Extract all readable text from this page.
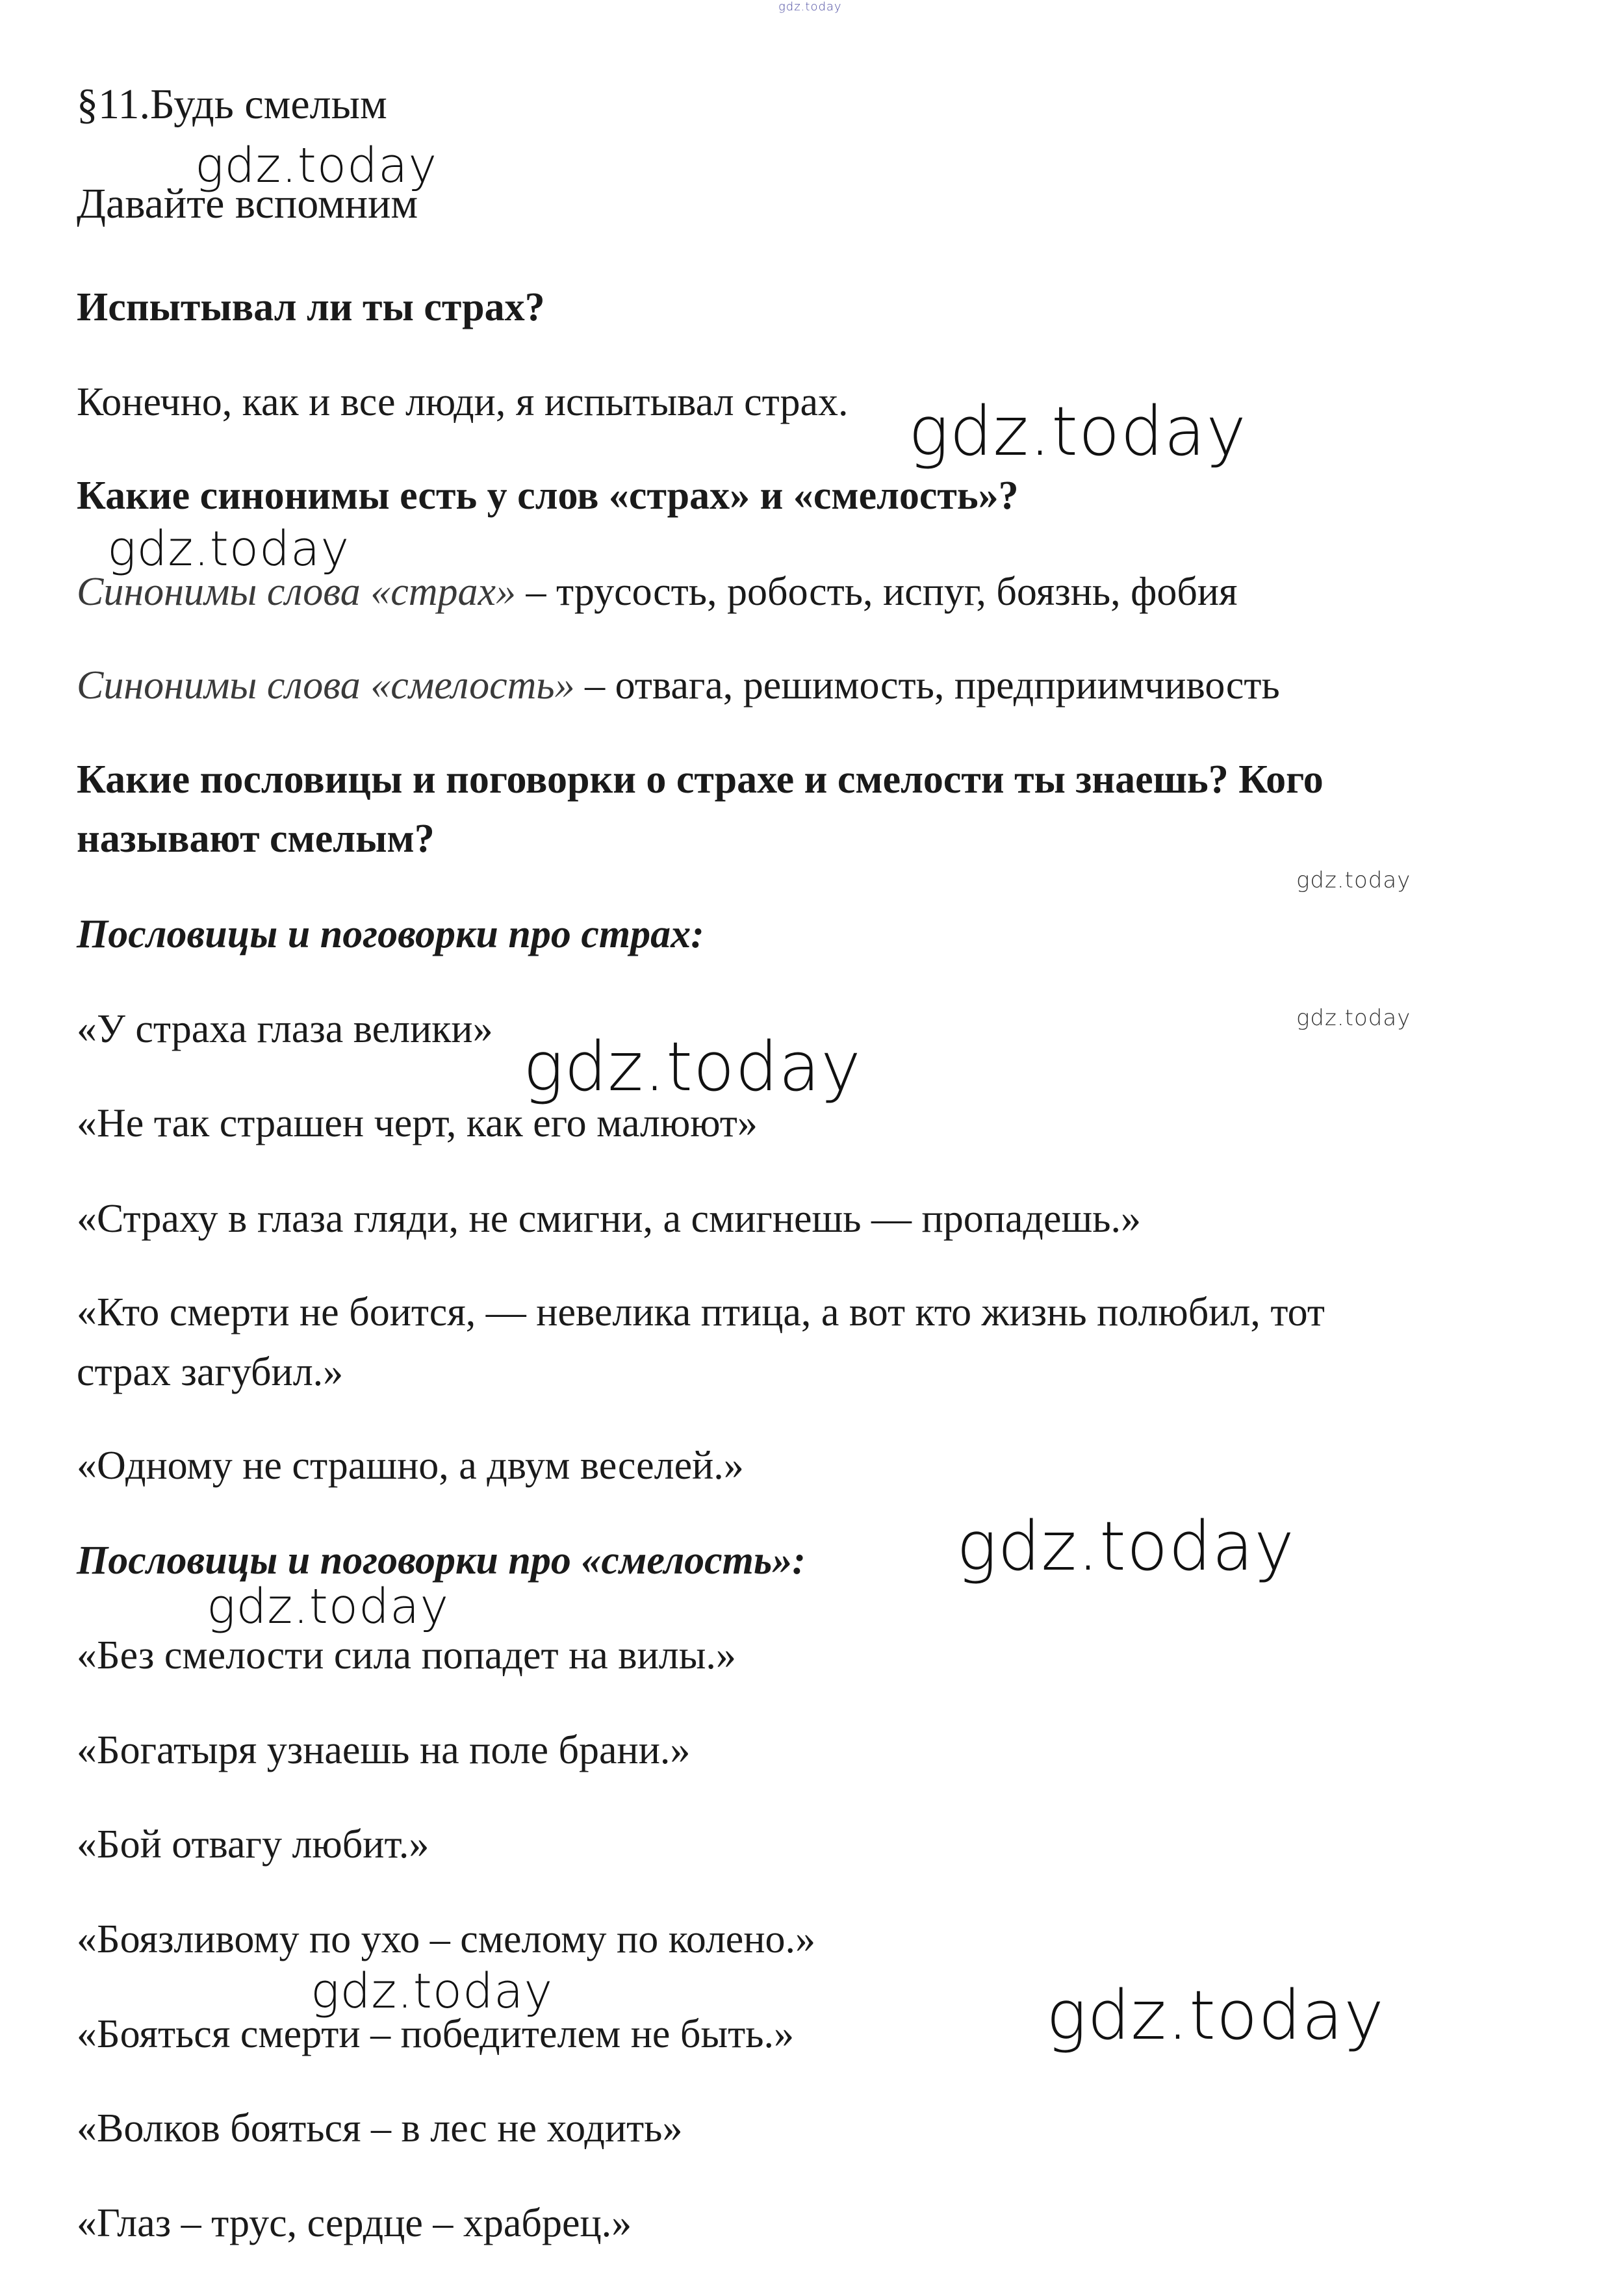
§11.Будь смелым

Давайте вспомним

Испытывал ли ты страх?

Конечно, как и все люди, я испытывал страх.

Какие синонимы есть у слов «страх» и «смелость»?

Синонимы слова «страх» – трусость, робость, испуг, боязнь, фобия

Синонимы слова «смелость» – отвага, решимость, предприимчивость

Какие пословицы и поговорки о страхе и смелости ты знаешь? Кого

называют смелым?

Пословицы и поговорки про страх:

«У страха глаза велики»

«Не так страшен черт, как его малюют»

«Страху в глаза гляди, не смигни, а смигнешь — пропадешь.»

«Кто смерти не боится, — невелика птица, а вот кто жизнь полюбил, тот

страх загубил.»

«Одному не страшно, а двум веселей.»

Пословицы и поговорки про «смелость»:

«Без смелости сила попадет на вилы.»

«Богатыря узнаешь на поле брани.»

«Бой отвагу любит.»

«Боязливому по ухо – смелому по колено.»

«Бояться смерти – победителем не быть.»

«Волков бояться – в лес не ходить»

«Глаз – трус, сердце – храбрец.»

gdz.today
gdz.today
gdz.today
gdz.today
gdz.today
gdz.today
gdz.today
gdz.today
gdz.today
gdz.today	gdz.today
